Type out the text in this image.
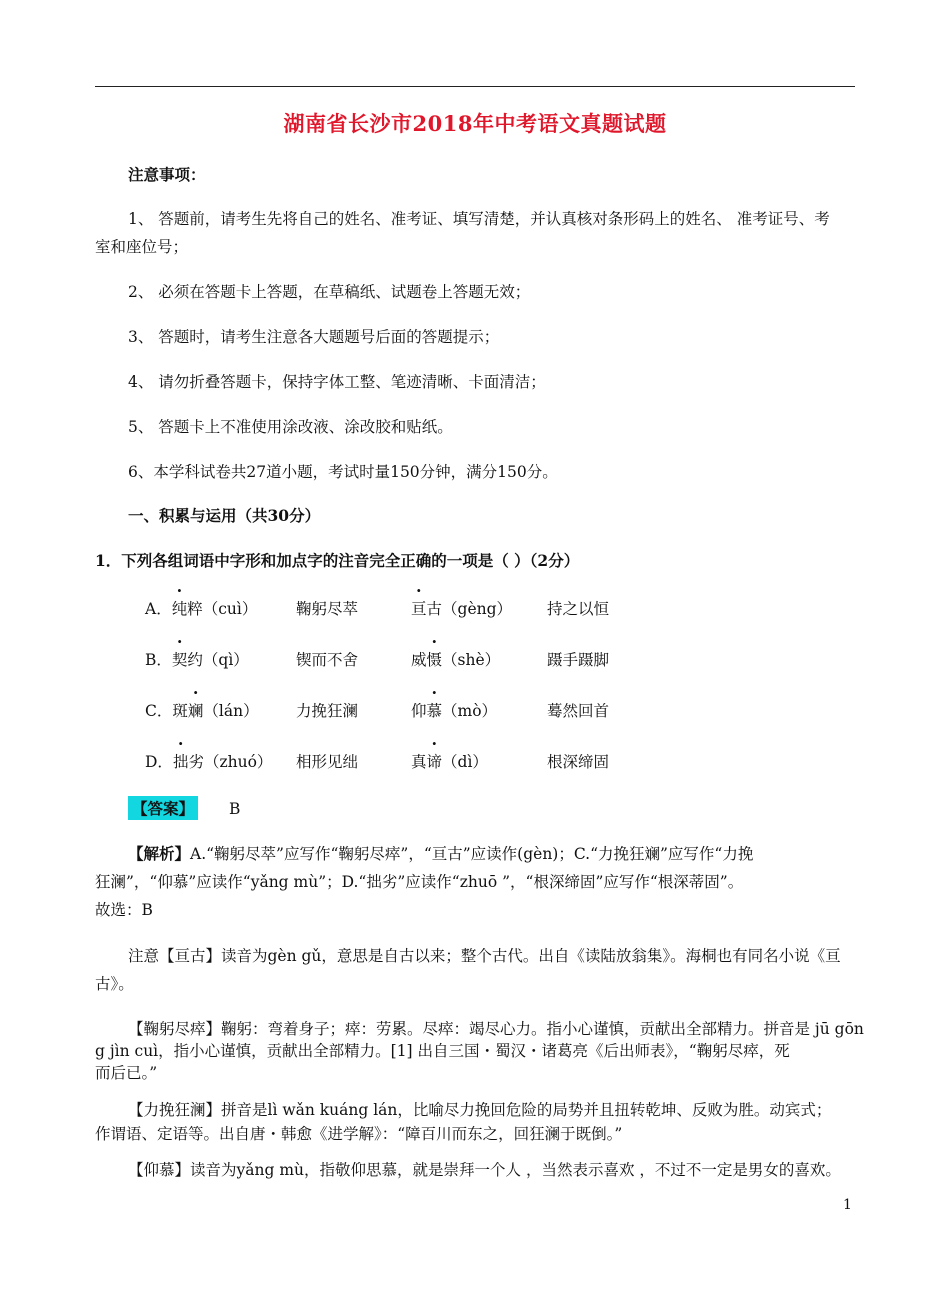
湖南省长沙市2018年中考语文真题试题
注意事项：
1、 答题前，请考生先将自己的姓名、准考证、填写清楚，并认真核对条形码上的姓名、 准考证号、考
室和座位号；
2、 必须在答题卡上答题，在草稿纸、试题卷上答题无效；
3、 答题时，请考生注意各大题题号后面的答题提示；
4、 请勿折叠答题卡，保持字体工整、笔迹清晰、卡面清洁；
5、 答题卡上不准使用涂改液、涂改胶和贴纸。
6、本学科试卷共27道小题，考试时量150分钟，满分150分。
一、积累与运用（共30分）
1．下列各组词语中字形和加点字的注音完全正确的一项是（ ）（2分）
A．纯粹（cuì） 鞠躬尽萃	亘古（gèng） 持之以恒
B．契约（qì）	锲而不舍	威慑（shè）	蹑手蹑脚
C．斑斓（lán） 力挽狂澜	仰慕（mò）	蓦然回首
D．拙劣（zhuó） 相形见绌	真谛（dì）	根深缔固
【答案】 B
【解析】A.“鞠躬尽萃”应写作“鞠躬尽瘁”，“亘古”应读作(gèn)；C.“力挽狂斓”应写作“力挽
狂澜”，“仰慕”应读作“yǎng mù”；D.“拙劣”应读作“zhuō ”，“根深缔固”应写作“根深蒂固”。
故选：B
注意【亘古】读音为gèn gǔ，意思是自古以来；整个古代。出自《读陆放翁集》。海桐也有同名小说《亘
古》。
【鞠躬尽瘁】鞠躬：弯着身子；瘁：劳累。尽瘁：竭尽心力。指小心谨慎，贡献出全部精力。拼音是 jū gōn
g jìn cuì，指小心谨慎，贡献出全部精力。[1] 出自三国・蜀汉・诸葛亮《后出师表》，“鞠躬尽瘁，死
而后已。”
【力挽狂澜】拼音是lì wǎn kuáng lán，比喻尽力挽回危险的局势并且扭转乾坤、反败为胜。动宾式；
作谓语、定语等。出自唐・韩愈《进学解》：“障百川而东之，回狂澜于既倒。”
【仰慕】读音为yǎng mù，指敬仰思慕，就是崇拜一个人 ，当然表示喜欢 ，不过不一定是男女的喜欢。
1
